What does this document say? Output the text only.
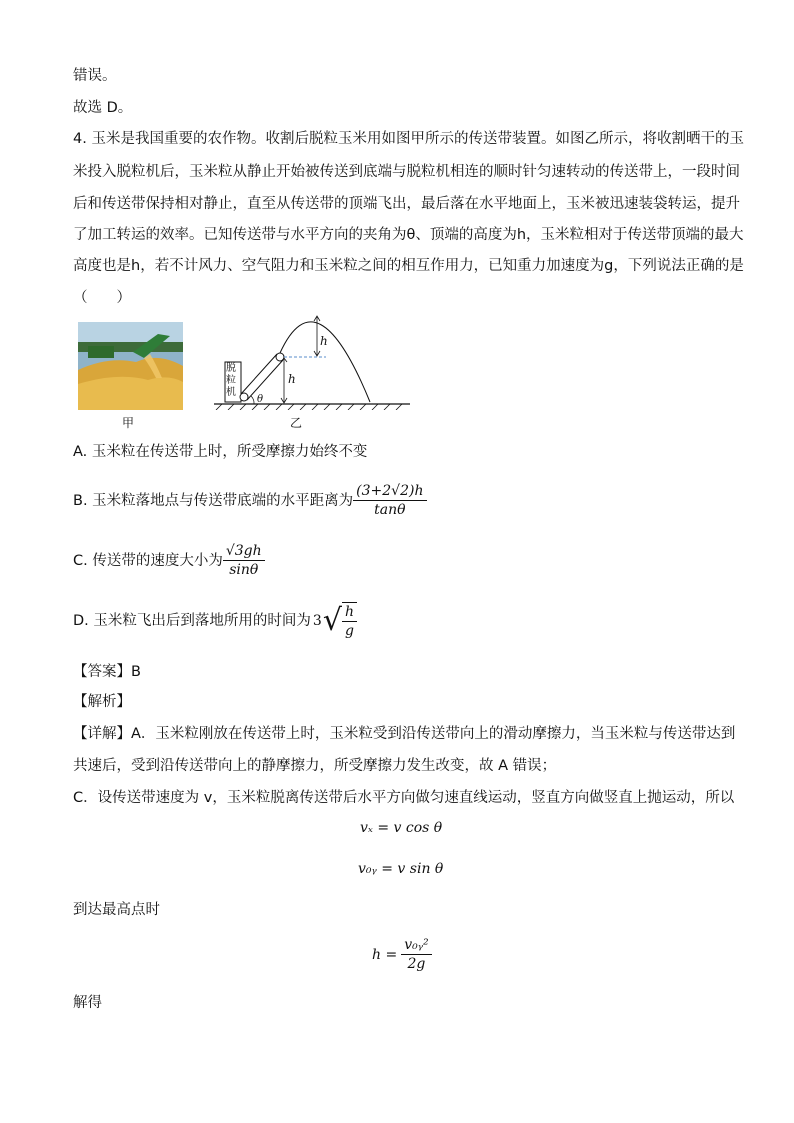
错误。
故选 D。
4. 玉米是我国重要的农作物。收割后脱粒玉米用如图甲所示的传送带装置。如图乙所示，将收割晒干的玉
米投入脱粒机后，玉米粒从静止开始被传送到底端与脱粒机相连的顺时针匀速转动的传送带上，一段时间
后和传送带保持相对静止，直至从传送带的顶端飞出，最后落在水平地面上，玉米被迅速装袋转运，提升
了加工转运的效率。已知传送带与水平方向的夹角为θ、顶端的高度为h，玉米粒相对于传送带顶端的最大
高度也是h，若不计风力、空气阻力和玉米粒之间的相互作用力，已知重力加速度为g，下列说法正确的是
（　　）
甲
h
h
θ
脱粒机
乙
A. 玉米粒在传送带上时，所受摩擦力始终不变
B. 玉米粒落地点与传送带底端的水平距离为 $\frac{(3+2√2)h}{\tan\theta}$
C. 传送带的速度大小为 $\frac{√3gh}{\sin\theta}$
D. 玉米粒飞出后到落地所用的时间为 3 √ $\frac{h}{g}$
【答案】B
【解析】
【详解】A．玉米粒刚放在传送带上时，玉米粒受到沿传送带向上的滑动摩擦力，当玉米粒与传送带达到
共速后，受到沿传送带向上的静摩擦力，所受摩擦力发生改变，故 A 错误；
C．设传送带速度为 v，玉米粒脱离传送带后水平方向做匀速直线运动，竖直方向做竖直上抛运动，所以
vₓ = v cos θ
v₀ᵧ = v sin θ
到达最高点时
$h = \frac{\text{v₀ᵧ²}}{2g}$
解得
